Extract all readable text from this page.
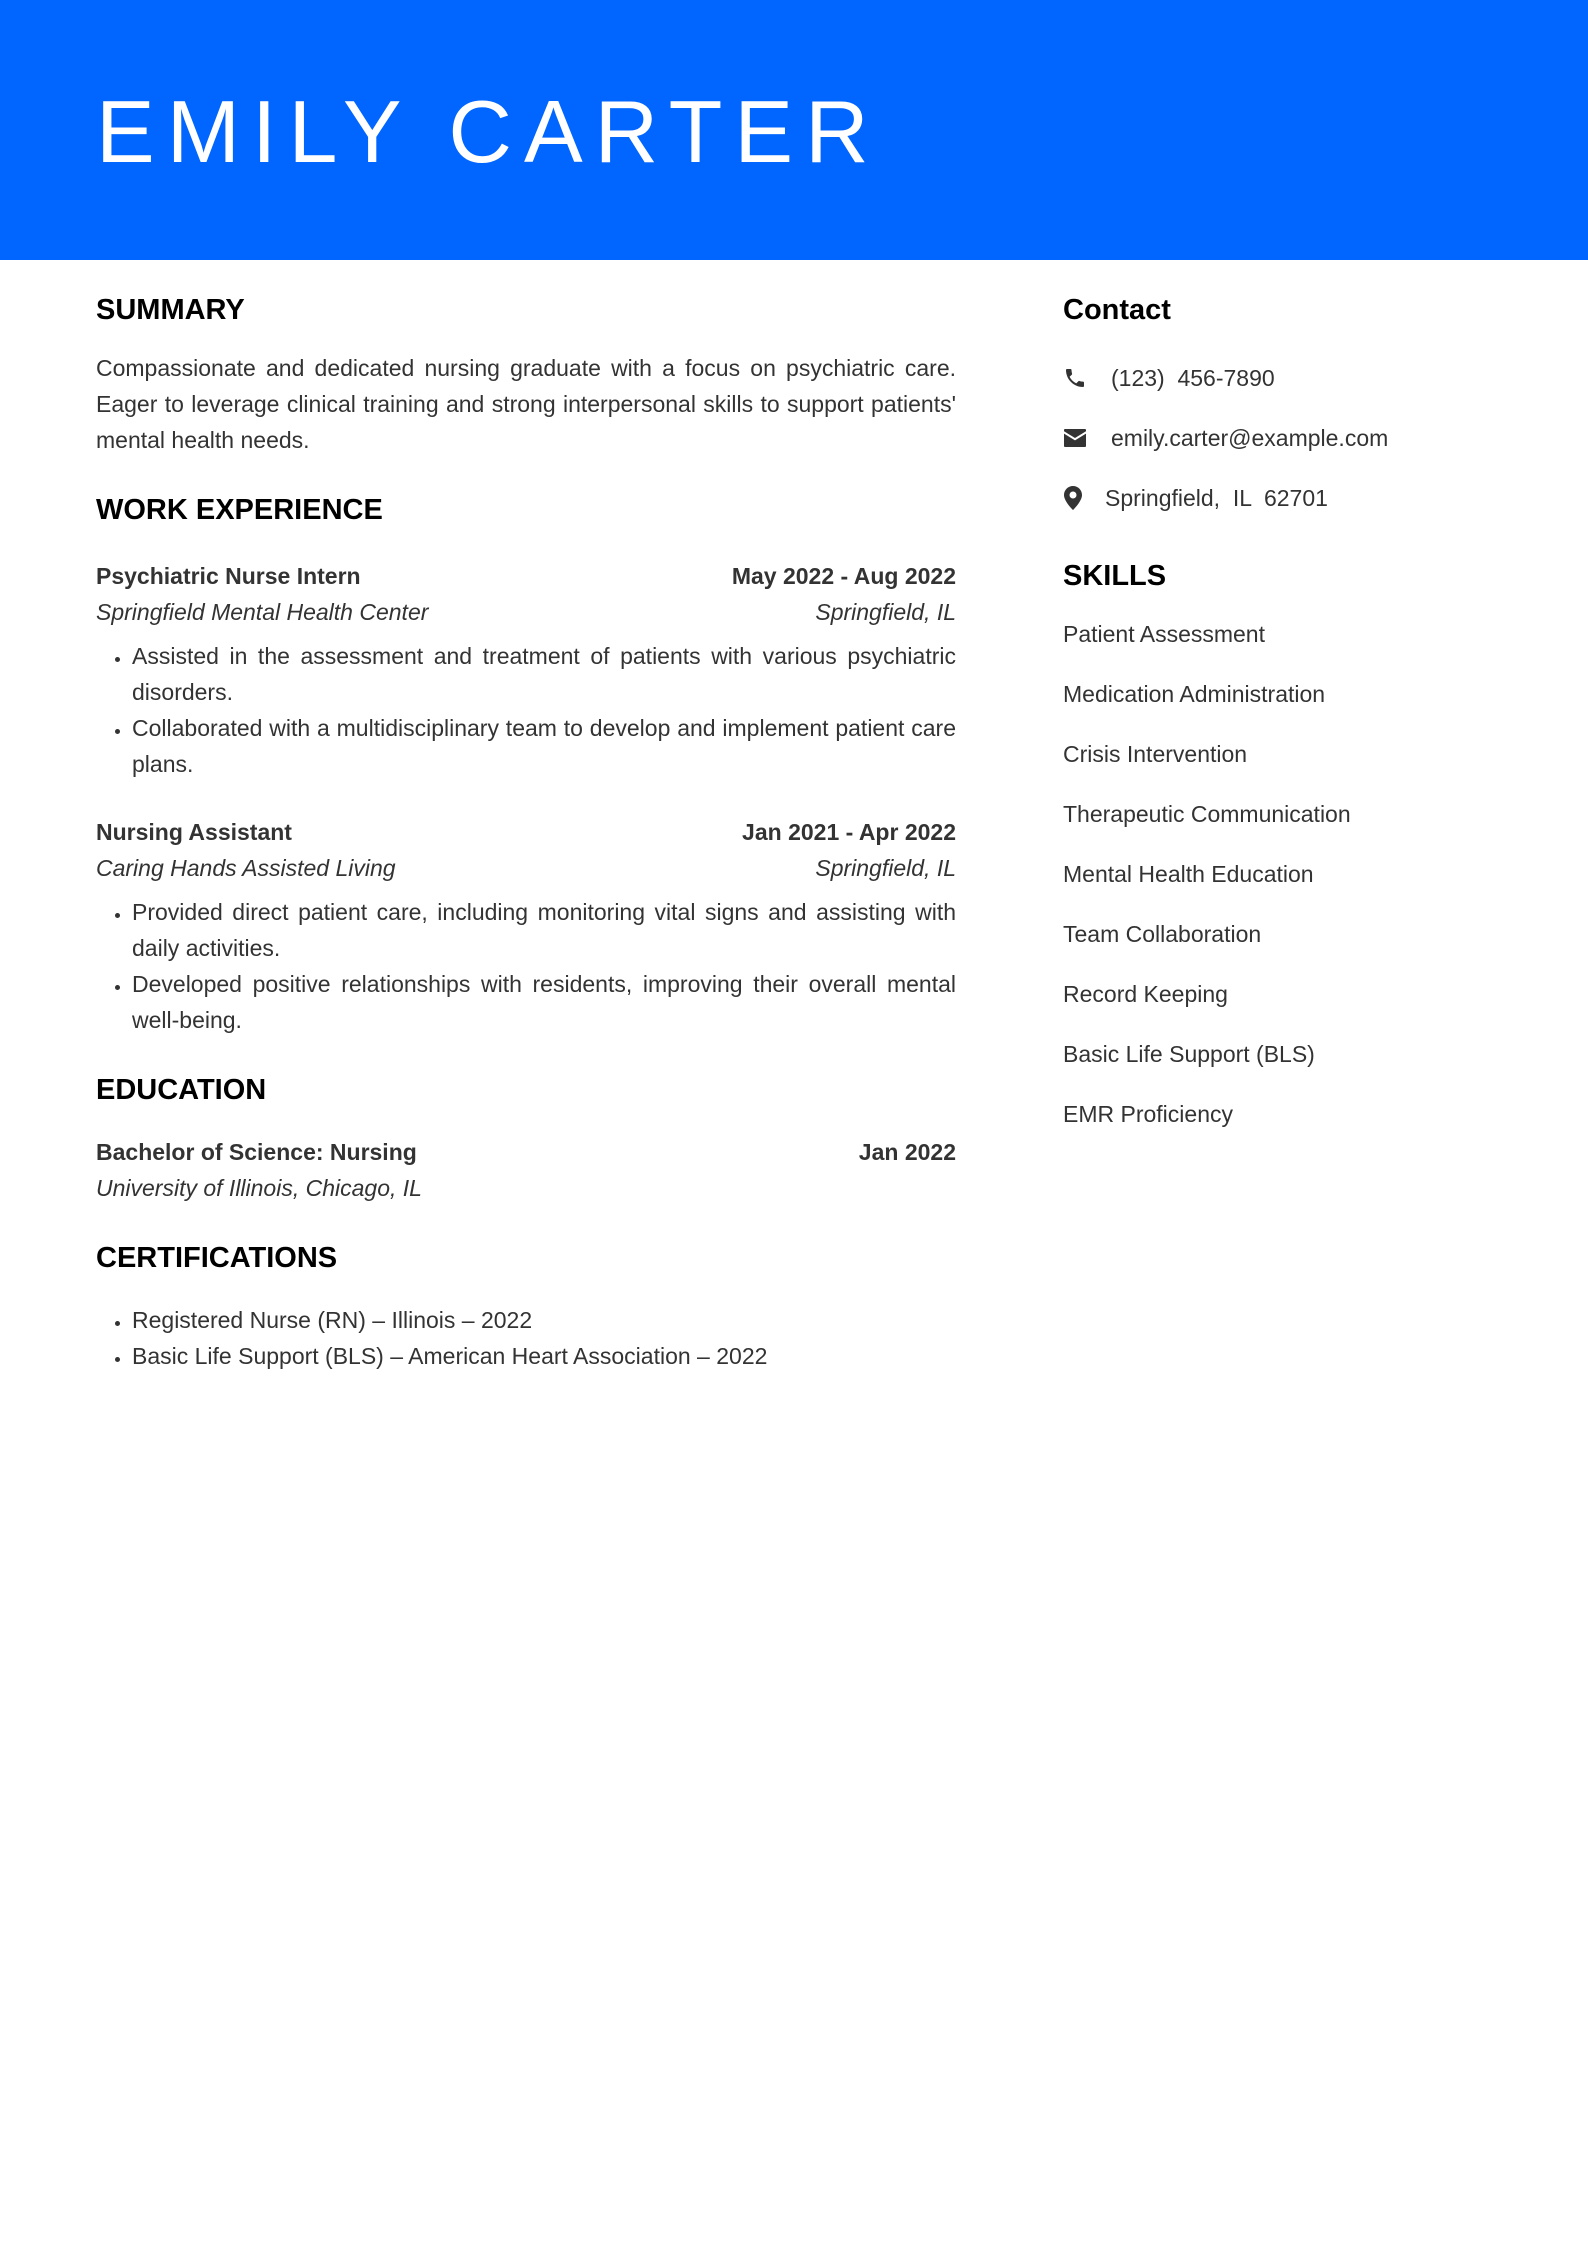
EMILY CARTER
SUMMARY

Compassionate and dedicated nursing graduate with a focus on psychiatric care. Eager to leverage clinical training and strong interpersonal skills to support patients' mental health needs.

WORK EXPERIENCE
Psychiatric Nurse Intern	May 2022 - Aug 2022
Springfield Mental Health Center	Springfield, IL
• Assisted in the assessment and treatment of patients with various psychiatric disorders.
• Collaborated with a multidisciplinary team to develop and implement patient care plans.
Nursing Assistant	Jan 2021 - Apr 2022
Caring Hands Assisted Living	Springfield, IL
• Provided direct patient care, including monitoring vital signs and assisting with daily activities.
• Developed positive relationships with residents, improving their overall mental well-being.
EDUCATION
Bachelor of Science: Nursing	Jan 2022
University of Illinois, Chicago, IL
CERTIFICATIONS
• Registered Nurse (RN) – Illinois – 2022
• Basic Life Support (BLS) – American Heart Association – 2022
Contact
(123)  456-7890
emily.carter@example.com
Springfield,  IL  62701
SKILLS
Patient Assessment
Medication Administration
Crisis Intervention
Therapeutic Communication
Mental Health Education
Team Collaboration
Record Keeping
Basic Life Support (BLS)
EMR Proficiency
